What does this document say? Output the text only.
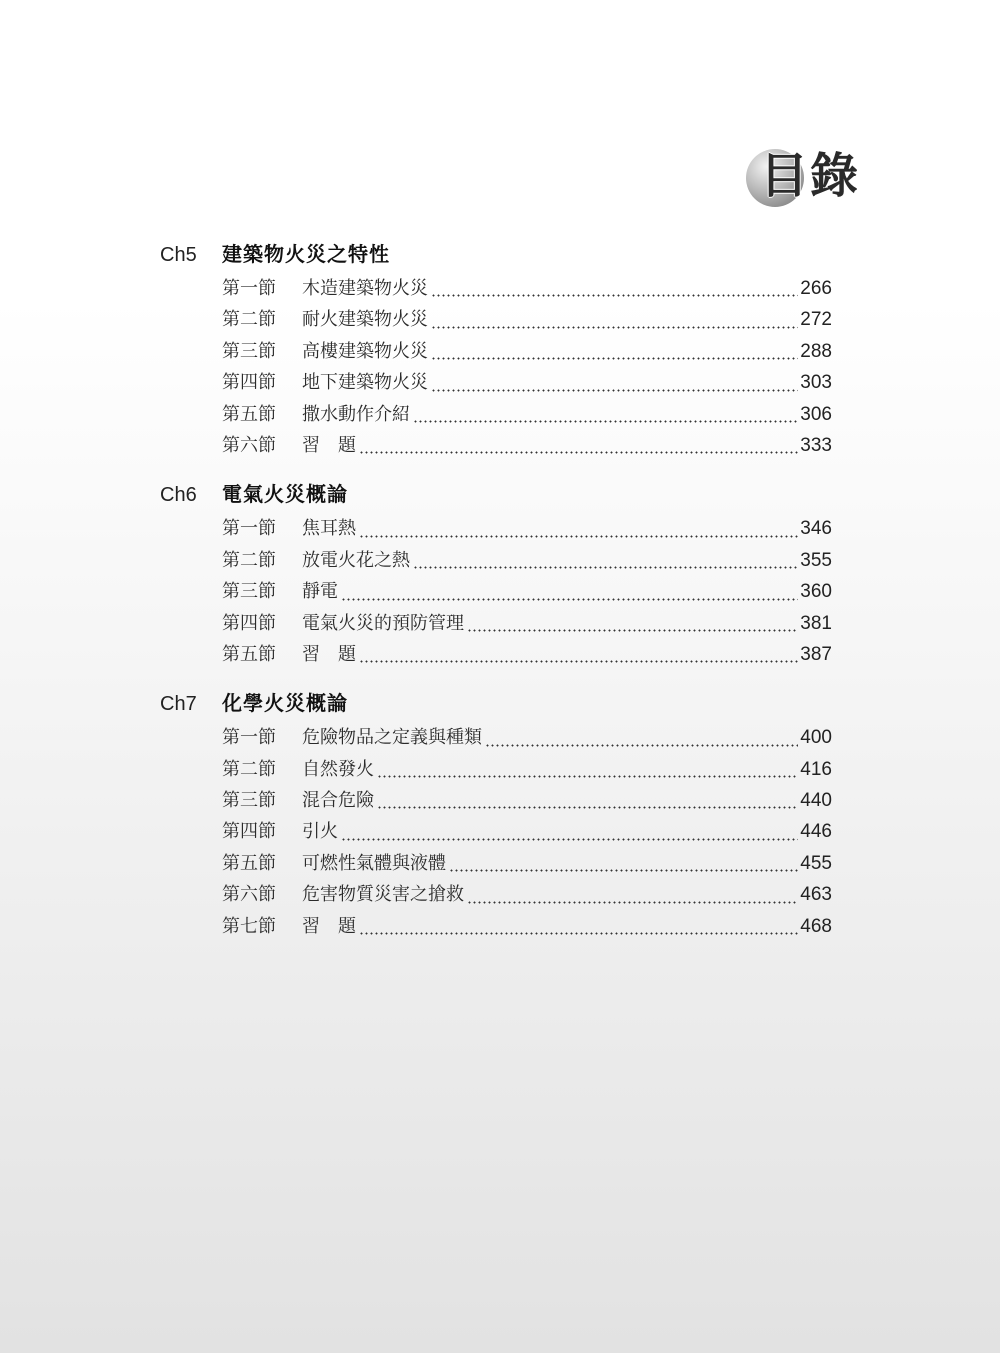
目錄
Ch5	建築物火災之特性
第一節	木造建築物火災	266
第二節	耐火建築物火災	272
第三節	高樓建築物火災	288
第四節	地下建築物火災	303
第五節	撒水動作介紹	306
第六節	習　題	333
Ch6	電氣火災概論
第一節	焦耳熱	346
第二節	放電火花之熱	355
第三節	靜電	360
第四節	電氣火災的預防管理	381
第五節	習　題	387
Ch7	化學火災概論
第一節	危險物品之定義與種類	400
第二節	自然發火	416
第三節	混合危險	440
第四節	引火	446
第五節	可燃性氣體與液體	455
第六節	危害物質災害之搶救	463
第七節	習　題	468
